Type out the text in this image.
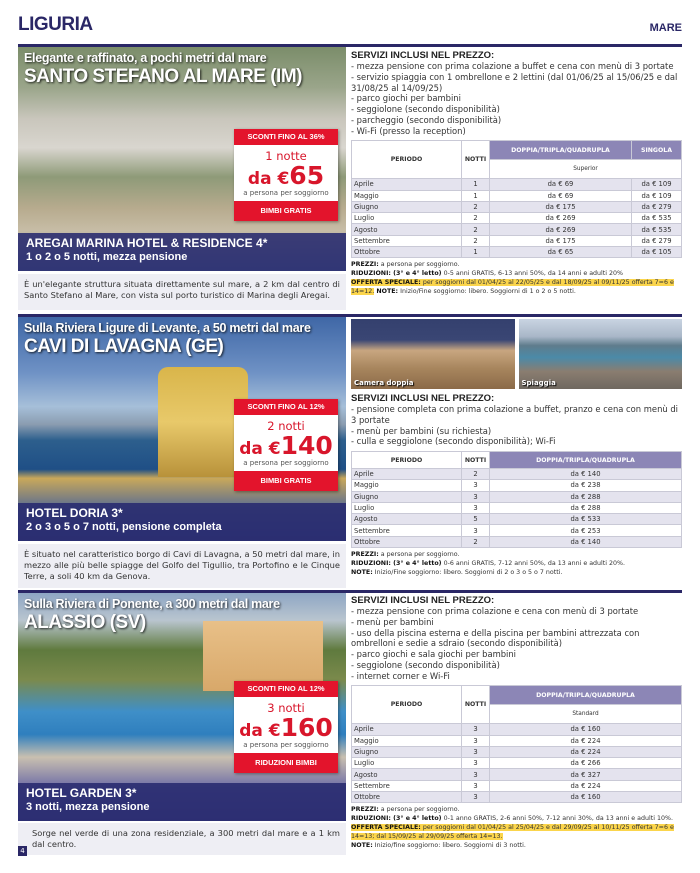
LIGURIA	MARE
Elegante e raffinato, a pochi metri dal mare
SANTO STEFANO AL MARE (IM)
SCONTI FINO AL 36%
1 notte
da €65
a persona per soggiorno
BIMBI GRATIS
AREGAI MARINA HOTEL & RESIDENCE 4*
1 o 2 o 5 notti, mezza pensione
È un'elegante struttura situata direttamente sul mare, a 2 km dal centro di Santo Stefano al Mare, con vista sul porto turistico di Marina degli Aregai.
SERVIZI INCLUSI NEL PREZZO:
- mezza pensione con prima colazione a buffet e cena con menù di 3 portate
- servizio spiaggia con 1 ombrellone e 2 lettini (dal 01/06/25 al 15/06/25 e dal 31/08/25 al 14/09/25)
- parco giochi per bambini
- seggiolone (secondo disponibilità)
- parcheggio (secondo disponibilità)
- Wi-Fi (presso la reception)
PERIODO	NOTTI	DOPPIA/TRIPLA/QUADRUPLA	SINGOLA
		Superior	
Aprile	1	da € 69	da € 109
Maggio	1	da € 69	da € 109
Giugno	2	da € 175	da € 279
Luglio	2	da € 269	da € 535
Agosto	2	da € 269	da € 535
Settembre	2	da € 175	da € 279
Ottobre	1	da € 65	da € 105
PREZZI: a persona per soggiorno.
RIDUZIONI: (3° e 4° letto) 0-5 anni GRATIS, 6-13 anni 50%, da 14 anni e adulti 20%
OFFERTA SPECIALE: per soggiorni dal 01/04/25 al 22/05/25 e dal 18/09/25 al 09/11/25 offerta 7=6 e 14=12. NOTE: Inizio/Fine soggiorno: libero. Soggiorni di 1 o 2 o 5 notti.
Sulla Riviera Ligure di Levante, a 50 metri dal mare
CAVI DI LAVAGNA (GE)
SCONTI FINO AL 12%
2 notti
da €140
a persona per soggiorno
BIMBI GRATIS
HOTEL DORIA 3*
2 o 3 o 5 o 7 notti, pensione completa
È situato nel caratteristico borgo di Cavi di Lavagna, a 50 metri dal mare, in mezzo alle più belle spiagge del Golfo del Tigullio, tra Portofino e le Cinque Terre, a soli 40 km da Genova.
Camera doppia	Spiaggia
SERVIZI INCLUSI NEL PREZZO:
- pensione completa con prima colazione a buffet, pranzo e cena con menù di 3 portate
- menù per bambini (su richiesta)
- culla e seggiolone (secondo disponibilità); Wi-Fi
PERIODO	NOTTI	DOPPIA/TRIPLA/QUADRUPLA
Aprile	2	da € 140
Maggio	3	da € 238
Giugno	3	da € 288
Luglio	3	da € 288
Agosto	5	da € 533
Settembre	3	da € 253
Ottobre	2	da € 140
PREZZI: a persona per soggiorno.
RIDUZIONI: (3° e 4° letto) 0-6 anni GRATIS, 7-12 anni 50%, da 13 anni e adulti 20%.
NOTE: Inizio/Fine soggiorno: libero. Soggiorni di 2 o 3 o 5 o 7 notti.
Sulla Riviera di Ponente, a 300 metri dal mare
ALASSIO (SV)
SCONTI FINO AL 12%
3 notti
da €160
a persona per soggiorno
RIDUZIONI BIMBI
HOTEL GARDEN 3*
3 notti, mezza pensione
Sorge nel verde di una zona residenziale, a 300 metri dal mare e a 1 km dal centro.
SERVIZI INCLUSI NEL PREZZO:
- mezza pensione con prima colazione e cena con menù di 3 portate
- menù per bambini
- uso della piscina esterna e della piscina per bambini attrezzata con ombrelloni e sedie a sdraio (secondo disponibilità)
- parco giochi e sala giochi per bambini
- seggiolone (secondo disponibilità)
- internet corner e Wi-Fi
PERIODO	NOTTI	DOPPIA/TRIPLA/QUADRUPLA
		Standard
Aprile	3	da € 160
Maggio	3	da € 224
Giugno	3	da € 224
Luglio	3	da € 266
Agosto	3	da € 327
Settembre	3	da € 224
Ottobre	3	da € 160
PREZZI: a persona per soggiorno.
RIDUZIONI: (3° e 4° letto) 0-1 anno GRATIS, 2-6 anni 50%, 7-12 anni 30%, da 13 anni e adulti 10%.
OFFERTA SPECIALE: per soggiorni dal 01/04/25 al 25/04/25 e dal 29/09/25 al 10/11/25 offerta 7=6 e 14=13; dal 15/09/25 al 29/09/25 offerta 14=13.
NOTE: Inizio/fine soggiorno: libero. Soggiorni di 3 notti.
4
